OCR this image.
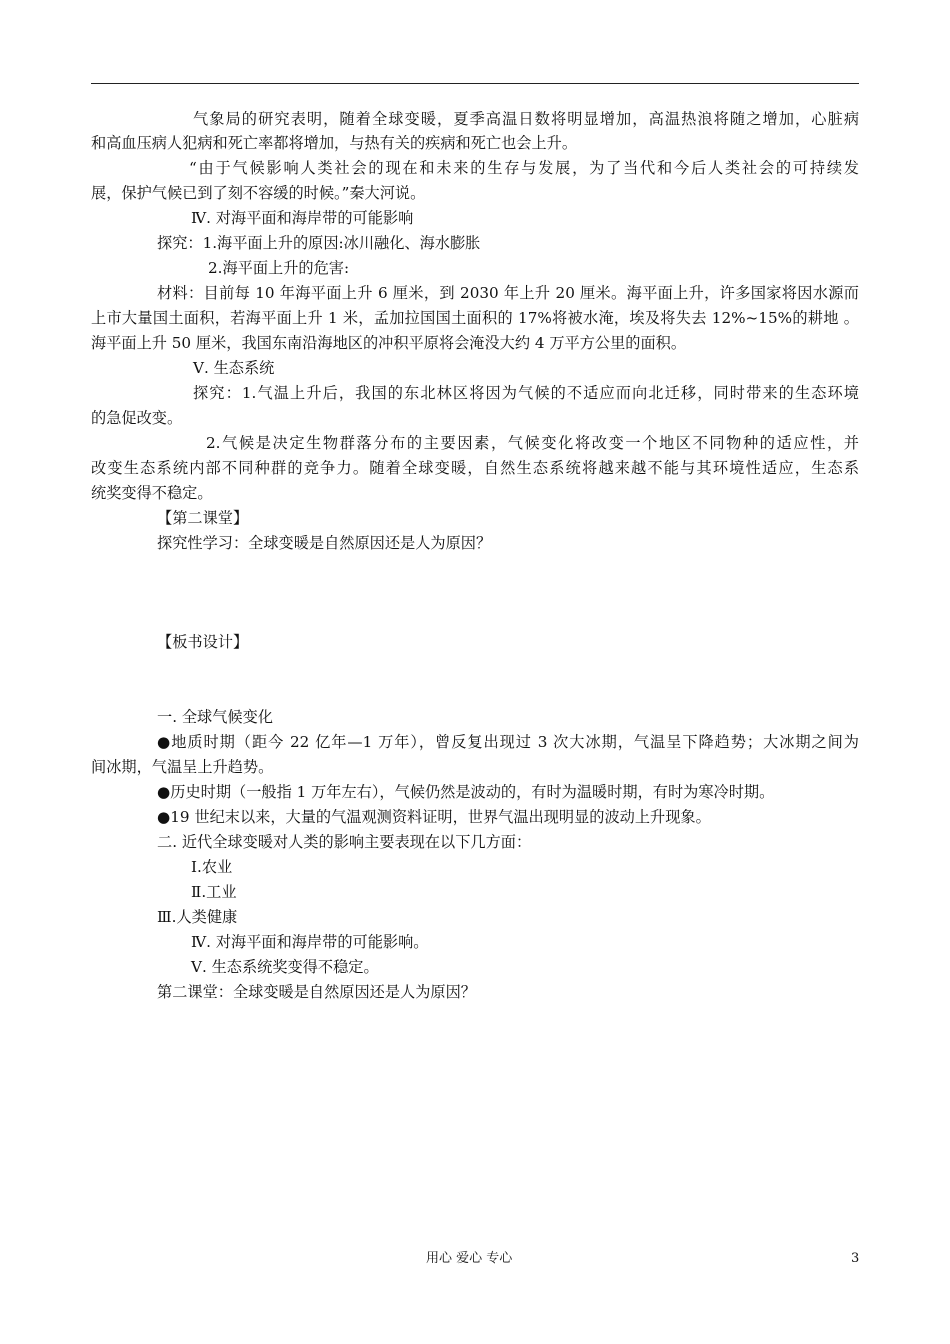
气象局的研究表明，随着全球变暖，夏季高温日数将明显增加，高温热浪将随之增加，心脏病
和高血压病人犯病和死亡率都将增加，与热有关的疾病和死亡也会上升。
“由于气候影响人类社会的现在和未来的生存与发展，为了当代和今后人类社会的可持续发
展，保护气候已到了刻不容缓的时候。”秦大河说。
Ⅳ. 对海平面和海岸带的可能影响
探究：1.海平面上升的原因:冰川融化、海水膨胀
2.海平面上升的危害:
材料：目前每 10 年海平面上升 6 厘米，到 2030 年上升 20 厘米。海平面上升，许多国家将因水源而
上市大量国土面积，若海平面上升 1 米，孟加拉国国土面积的 17%将被水淹，埃及将失去 12%~15%的耕地 。
海平面上升 50 厘米，我国东南沿海地区的冲积平原将会淹没大约 4 万平方公里的面积。
Ⅴ. 生态系统
探究：1.气温上升后，我国的东北林区将因为气候的不适应而向北迁移，同时带来的生态环境
的急促改变。
2.气候是决定生物群落分布的主要因素，气候变化将改变一个地区不同物种的适应性，并
改变生态系统内部不同种群的竞争力。随着全球变暖，自然生态系统将越来越不能与其环境性适应，生态系
统奖变得不稳定。
【第二课堂】
探究性学习：全球变暖是自然原因还是人为原因？
【板书设计】
一. 全球气候变化
●地质时期（距今 22 亿年—1 万年），曾反复出现过 3 次大冰期，气温呈下降趋势；大冰期之间为
间冰期，气温呈上升趋势。
●历史时期（一般指 1 万年左右），气候仍然是波动的，有时为温暖时期，有时为寒冷时期。
●19 世纪末以来，大量的气温观测资料证明，世界气温出现明显的波动上升现象。
二. 近代全球变暖对人类的影响主要表现在以下几方面：
Ⅰ.农业
Ⅱ.工业
Ⅲ.人类健康
Ⅳ. 对海平面和海岸带的可能影响。
Ⅴ. 生态系统奖变得不稳定。
第二课堂：全球变暖是自然原因还是人为原因？
用心 爱心 专心	3
